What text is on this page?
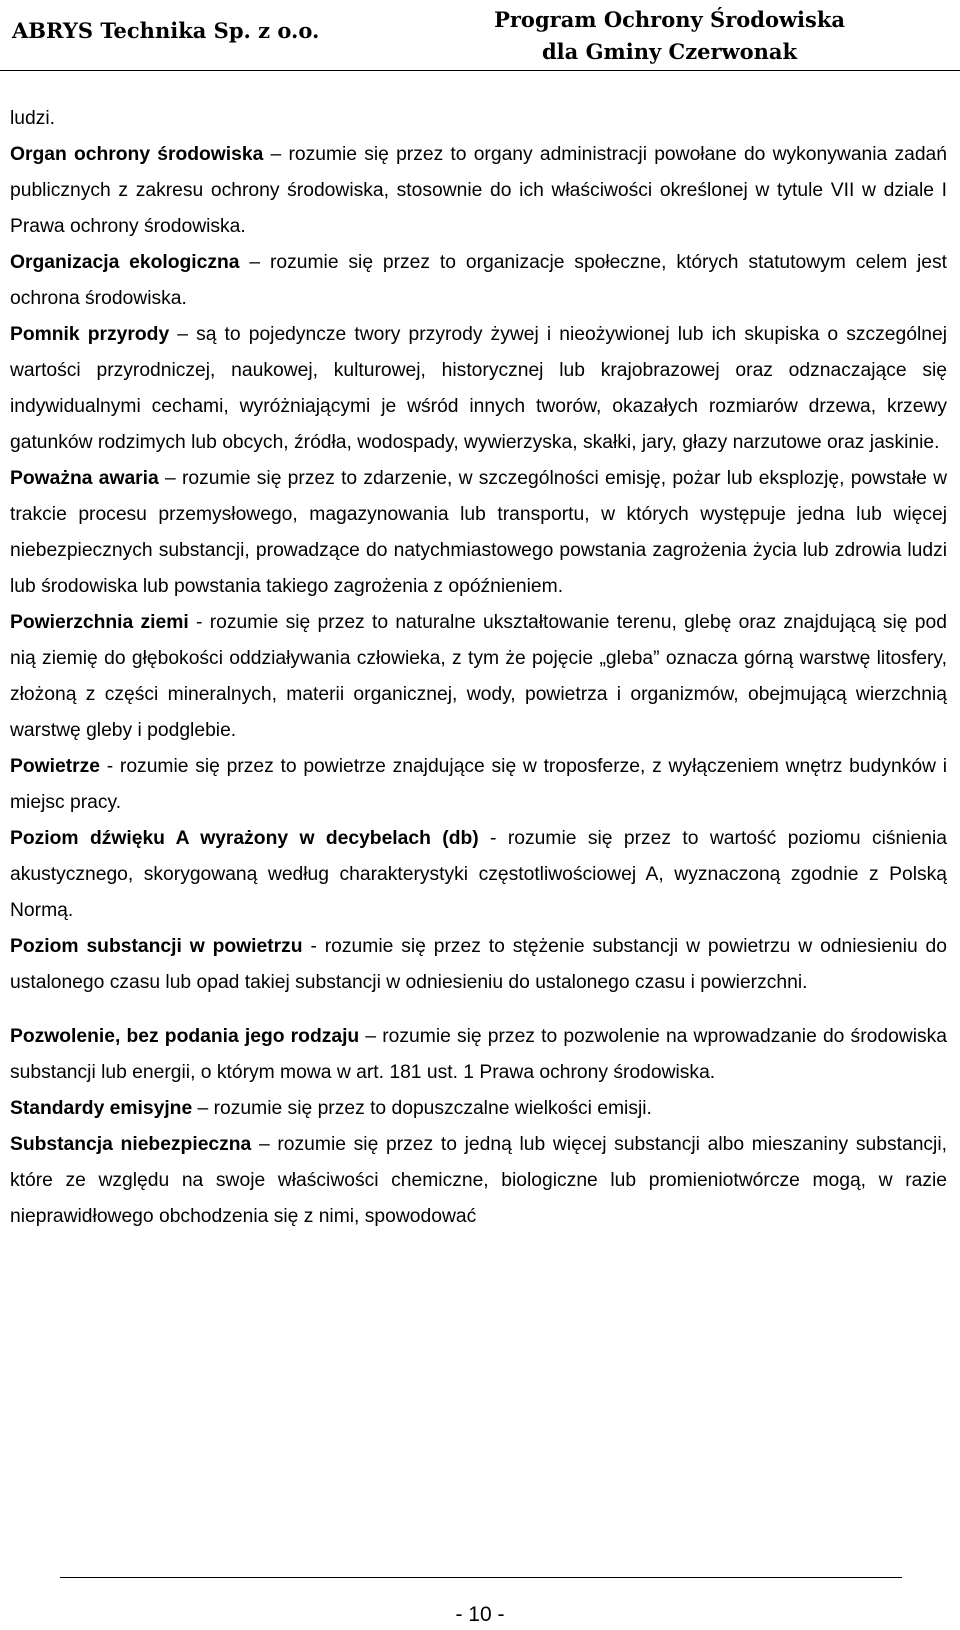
ABRYS Technika Sp. z o.o.	Program Ochrony Środowiska
dla Gminy Czerwonak

ludzi.

Organ ochrony środowiska – rozumie się przez to organy administracji powołane do wykonywania zadań publicznych z zakresu ochrony środowiska, stosownie do ich właściwości określonej w tytule VII w dziale I Prawa ochrony środowiska.

Organizacja ekologiczna – rozumie się przez to organizacje społeczne, których statutowym celem jest ochrona środowiska.

Pomnik przyrody – są to pojedyncze twory przyrody żywej i nieożywionej lub ich skupiska o szczególnej wartości przyrodniczej, naukowej, kulturowej, historycznej lub krajobrazowej oraz odznaczające się indywidualnymi cechami, wyróżniającymi je wśród innych tworów, okazałych rozmiarów drzewa, krzewy gatunków rodzimych lub obcych, źródła, wodospady, wywierzyska, skałki, jary, głazy narzutowe oraz jaskinie.

Poważna awaria – rozumie się przez to zdarzenie, w szczególności emisję, pożar lub eksplozję, powstałe w trakcie procesu przemysłowego, magazynowania lub transportu, w których występuje jedna lub więcej niebezpiecznych substancji, prowadzące do natychmiastowego powstania zagrożenia życia lub zdrowia ludzi lub środowiska lub powstania takiego zagrożenia z opóźnieniem.

Powierzchnia ziemi - rozumie się przez to naturalne ukształtowanie terenu, glebę oraz znajdującą się pod nią ziemię do głębokości oddziaływania człowieka, z tym że pojęcie „gleba” oznacza górną warstwę litosfery, złożoną z części mineralnych, materii organicznej, wody, powietrza i organizmów, obejmującą wierzchnią warstwę gleby i podglebie.

Powietrze - rozumie się przez to powietrze znajdujące się w troposferze, z wyłączeniem wnętrz budynków i miejsc pracy.

Poziom dźwięku A wyrażony w decybelach (db) - rozumie się przez to wartość poziomu ciśnienia akustycznego, skorygowaną według charakterystyki częstotliwościowej A, wyznaczoną zgodnie z Polską Normą.

Poziom substancji w powietrzu - rozumie się przez to stężenie substancji w powietrzu w odniesieniu do ustalonego czasu lub opad takiej substancji w odniesieniu do ustalonego czasu i powierzchni.

Pozwolenie, bez podania jego rodzaju – rozumie się przez to pozwolenie na wprowadzanie do środowiska substancji lub energii, o którym mowa w art. 181 ust. 1 Prawa ochrony środowiska.

Standardy emisyjne – rozumie się przez to dopuszczalne wielkości emisji.

Substancja niebezpieczna – rozumie się przez to jedną lub więcej substancji albo mieszaniny substancji, które ze względu na swoje właściwości chemiczne, biologiczne lub promieniotwórcze mogą, w razie nieprawidłowego obchodzenia się z nimi, spowodować

- 10 -
